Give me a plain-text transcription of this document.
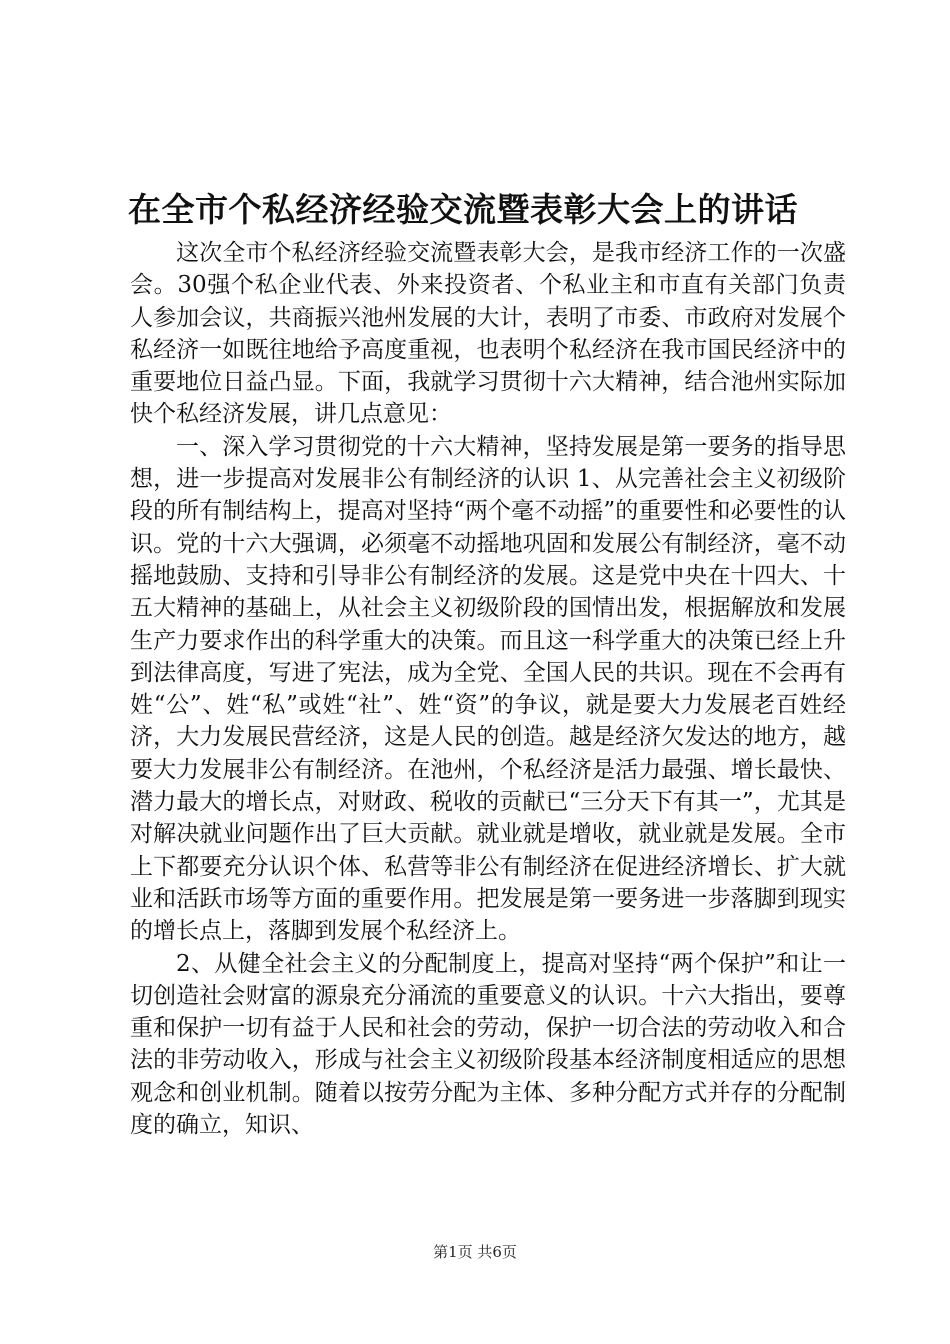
在全市个私经济经验交流暨表彰大会上的讲话

这次全市个私经济经验交流暨表彰大会，是我市经济工作的一次盛会。30强个私企业代表、外来投资者、个私业主和市直有关部门负责人参加会议，共商振兴池州发展的大计，表明了市委、市政府对发展个私经济一如既往地给予高度重视，也表明个私经济在我市国民经济中的重要地位日益凸显。下面，我就学习贯彻十六大精神，结合池州实际加快个私经济发展，讲几点意见：

一、深入学习贯彻党的十六大精神，坚持发展是第一要务的指导思想，进一步提高对发展非公有制经济的认识 1、从完善社会主义初级阶段的所有制结构上，提高对坚持“两个毫不动摇”的重要性和必要性的认识。党的十六大强调，必须毫不动摇地巩固和发展公有制经济，毫不动摇地鼓励、支持和引导非公有制经济的发展。这是党中央在十四大、十五大精神的基础上，从社会主义初级阶段的国情出发，根据解放和发展生产力要求作出的科学重大的决策。而且这一科学重大的决策已经上升到法律高度，写进了宪法，成为全党、全国人民的共识。现在不会再有姓“公”、姓“私”或姓“社”、姓“资”的争议，就是要大力发展老百姓经济，大力发展民营经济，这是人民的创造。越是经济欠发达的地方，越要大力发展非公有制经济。在池州，个私经济是活力最强、增长最快、潜力最大的增长点，对财政、税收的贡献已“三分天下有其一”，尤其是对解决就业问题作出了巨大贡献。就业就是增收，就业就是发展。全市上下都要充分认识个体、私营等非公有制经济在促进经济增长、扩大就业和活跃市场等方面的重要作用。把发展是第一要务进一步落脚到现实的增长点上，落脚到发展个私经济上。

2、从健全社会主义的分配制度上，提高对坚持“两个保护”和让一切创造社会财富的源泉充分涌流的重要意义的认识。十六大指出，要尊重和保护一切有益于人民和社会的劳动，保护一切合法的劳动收入和合法的非劳动收入，形成与社会主义初级阶段基本经济制度相适应的思想观念和创业机制。随着以按劳分配为主体、多种分配方式并存的分配制度的确立，知识、

第1页 共6页
